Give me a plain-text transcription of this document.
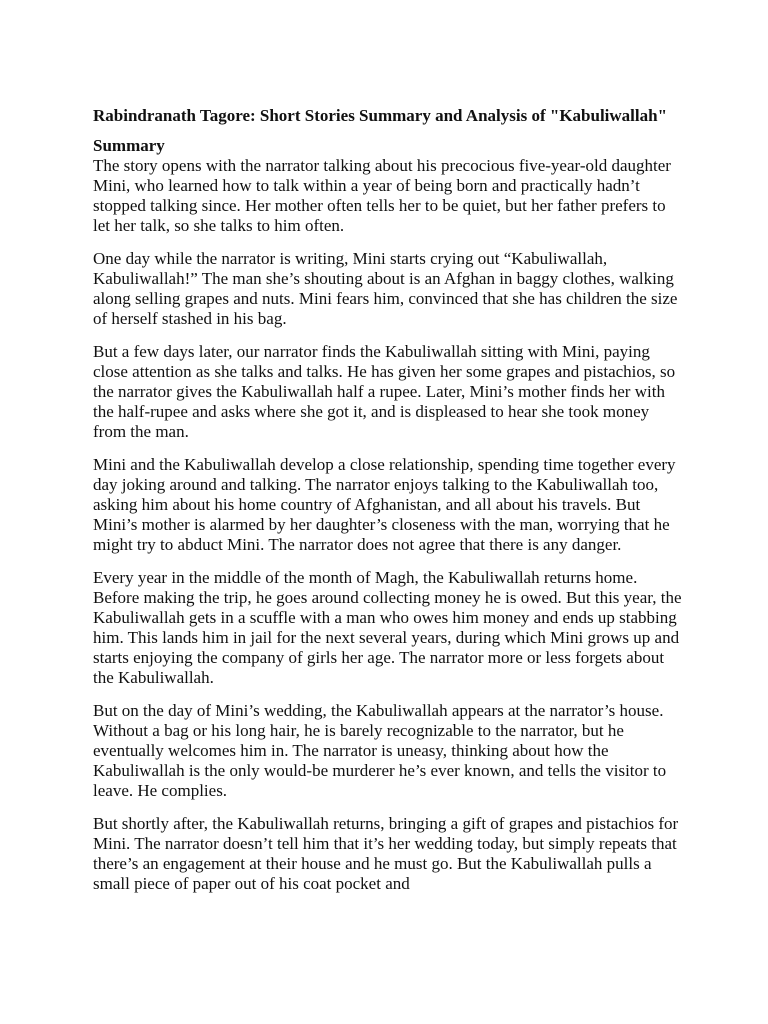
Rabindranath Tagore: Short Stories Summary and Analysis of "Kabuliwallah"
Summary

The story opens with the narrator talking about his precocious five-year-old daughter Mini, who learned how to talk within a year of being born and practically hadn’t stopped talking since. Her mother often tells her to be quiet, but her father prefers to let her talk, so she talks to him often.

One day while the narrator is writing, Mini starts crying out “Kabuliwallah, Kabuliwallah!” The man she’s shouting about is an Afghan in baggy clothes, walking along selling grapes and nuts. Mini fears him, convinced that she has children the size of herself stashed in his bag.

But a few days later, our narrator finds the Kabuliwallah sitting with Mini, paying close attention as she talks and talks. He has given her some grapes and pistachios, so the narrator gives the Kabuliwallah half a rupee. Later, Mini’s mother finds her with the half-rupee and asks where she got it, and is displeased to hear she took money from the man.

Mini and the Kabuliwallah develop a close relationship, spending time together every day joking around and talking. The narrator enjoys talking to the Kabuliwallah too, asking him about his home country of Afghanistan, and all about his travels. But Mini’s mother is alarmed by her daughter’s closeness with the man, worrying that he might try to abduct Mini. The narrator does not agree that there is any danger.

Every year in the middle of the month of Magh, the Kabuliwallah returns home. Before making the trip, he goes around collecting money he is owed. But this year, the Kabuliwallah gets in a scuffle with a man who owes him money and ends up stabbing him. This lands him in jail for the next several years, during which Mini grows up and starts enjoying the company of girls her age. The narrator more or less forgets about the Kabuliwallah.

But on the day of Mini’s wedding, the Kabuliwallah appears at the narrator’s house. Without a bag or his long hair, he is barely recognizable to the narrator, but he eventually welcomes him in. The narrator is uneasy, thinking about how the Kabuliwallah is the only would-be murderer he’s ever known, and tells the visitor to leave. He complies.

But shortly after, the Kabuliwallah returns, bringing a gift of grapes and pistachios for Mini. The narrator doesn’t tell him that it’s her wedding today, but simply repeats that there’s an engagement at their house and he must go. But the Kabuliwallah pulls a small piece of paper out of his coat pocket and
